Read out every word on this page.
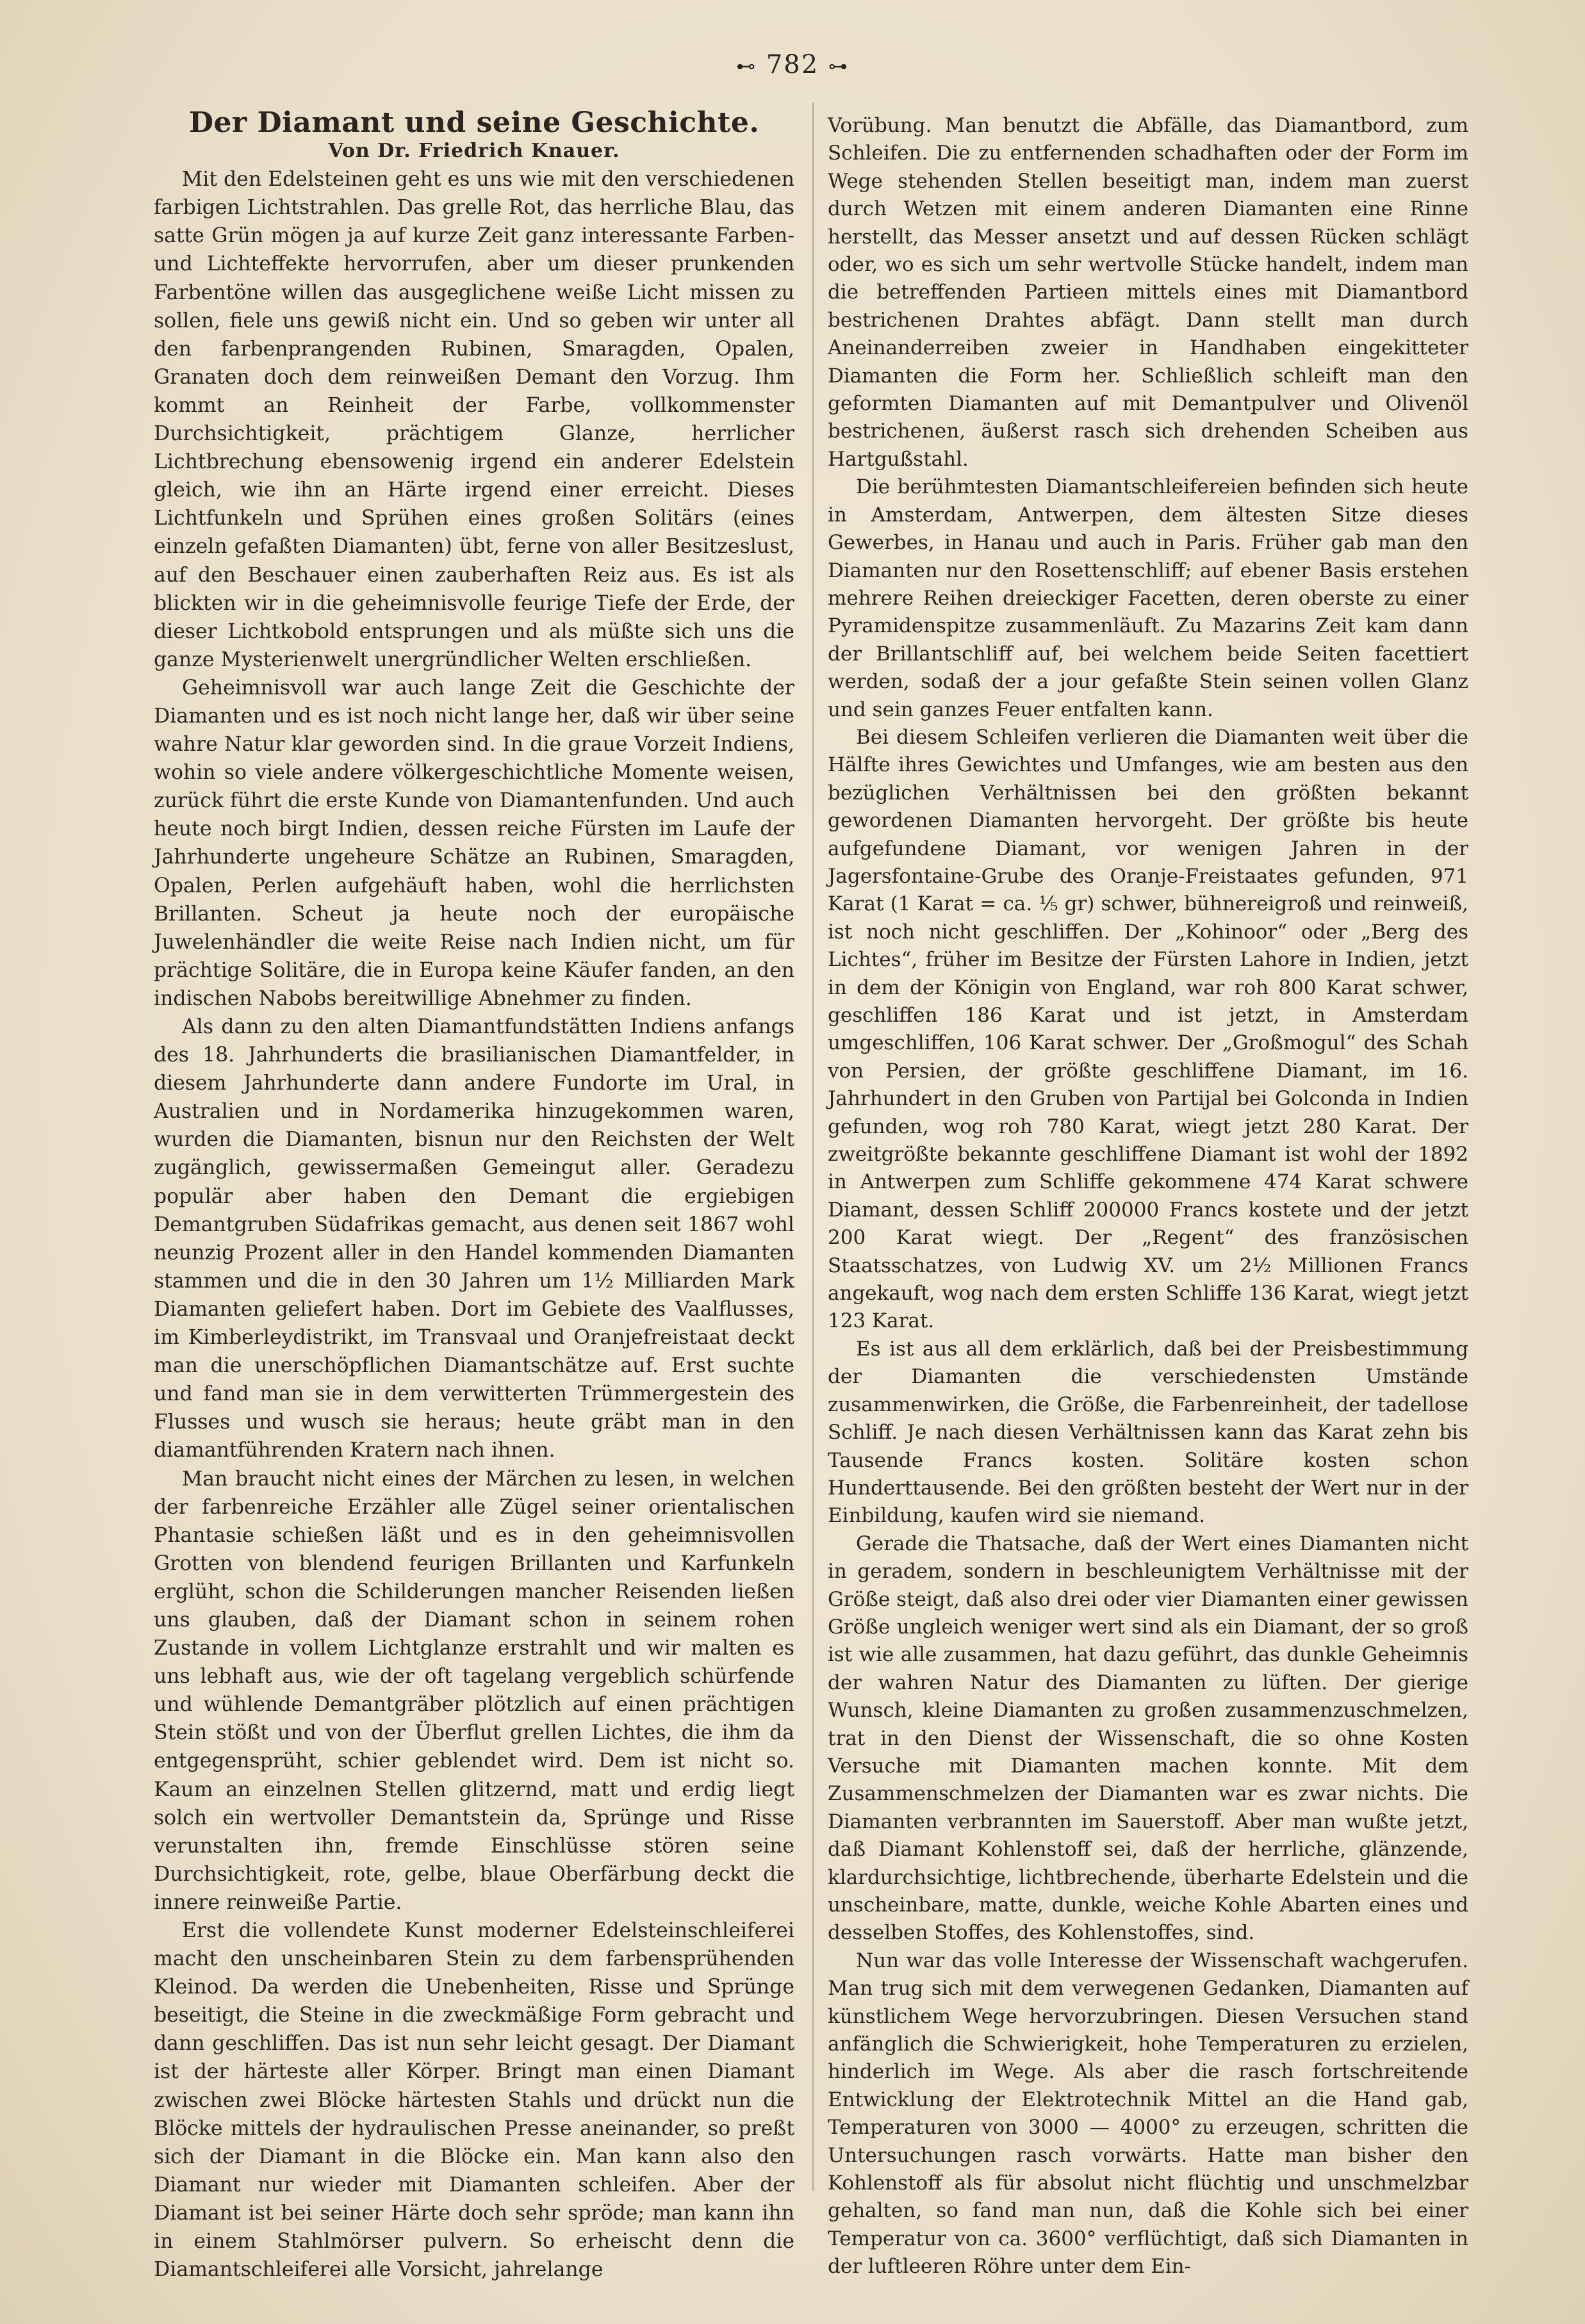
⊷ 782 ⊶

Der Diamant und seine Geschichte.

Von Dr. Friedrich Knauer.

Mit den Edelsteinen geht es uns wie mit den verschiedenen farbigen Lichtstrahlen. Das grelle Rot, das herrliche Blau, das satte Grün mögen ja auf kurze Zeit ganz interessante Farben- und Lichteffekte hervorrufen, aber um dieser prunkenden Farbentöne willen das ausgeglichene weiße Licht missen zu sollen, fiele uns gewiß nicht ein. Und so geben wir unter all den farbenprangenden Rubinen, Smaragden, Opalen, Granaten doch dem reinweißen Demant den Vorzug. Ihm kommt an Reinheit der Farbe, vollkommenster Durchsichtigkeit, prächtigem Glanze, herrlicher Lichtbrechung ebensowenig irgend ein anderer Edelstein gleich, wie ihn an Härte irgend einer erreicht. Dieses Lichtfunkeln und Sprühen eines großen Solitärs (eines einzeln gefaßten Diamanten) übt, ferne von aller Besitzeslust, auf den Beschauer einen zauberhaften Reiz aus. Es ist als blickten wir in die geheimnisvolle feurige Tiefe der Erde, der dieser Lichtkobold entsprungen und als müßte sich uns die ganze Mysterienwelt unergründlicher Welten erschließen.

Geheimnisvoll war auch lange Zeit die Geschichte der Diamanten und es ist noch nicht lange her, daß wir über seine wahre Natur klar geworden sind. In die graue Vorzeit Indiens, wohin so viele andere völkergeschichtliche Momente weisen, zurück führt die erste Kunde von Diamantenfunden. Und auch heute noch birgt Indien, dessen reiche Fürsten im Laufe der Jahrhunderte ungeheure Schätze an Rubinen, Smaragden, Opalen, Perlen aufgehäuft haben, wohl die herrlichsten Brillanten. Scheut ja heute noch der europäische Juwelenhändler die weite Reise nach Indien nicht, um für prächtige Solitäre, die in Europa keine Käufer fanden, an den indischen Nabobs bereitwillige Abnehmer zu finden.

Als dann zu den alten Diamantfundstätten Indiens anfangs des 18. Jahrhunderts die brasilianischen Diamantfelder, in diesem Jahrhunderte dann andere Fundorte im Ural, in Australien und in Nordamerika hinzugekommen waren, wurden die Diamanten, bisnun nur den Reichsten der Welt zugänglich, gewissermaßen Gemeingut aller. Geradezu populär aber haben den Demant die ergiebigen Demantgruben Südafrikas gemacht, aus denen seit 1867 wohl neunzig Prozent aller in den Handel kommenden Diamanten stammen und die in den 30 Jahren um 1½ Milliarden Mark Diamanten geliefert haben. Dort im Gebiete des Vaalflusses, im Kimberleydistrikt, im Transvaal und Oranjefreistaat deckt man die unerschöpflichen Diamantschätze auf. Erst suchte und fand man sie in dem verwitterten Trümmergestein des Flusses und wusch sie heraus; heute gräbt man in den diamantführenden Kratern nach ihnen.

Man braucht nicht eines der Märchen zu lesen, in welchen der farbenreiche Erzähler alle Zügel seiner orientalischen Phantasie schießen läßt und es in den geheimnisvollen Grotten von blendend feurigen Brillanten und Karfunkeln erglüht, schon die Schilderungen mancher Reisenden ließen uns glauben, daß der Diamant schon in seinem rohen Zustande in vollem Lichtglanze erstrahlt und wir malten es uns lebhaft aus, wie der oft tagelang vergeblich schürfende und wühlende Demantgräber plötzlich auf einen prächtigen Stein stößt und von der Überflut grellen Lichtes, die ihm da entgegensprüht, schier geblendet wird. Dem ist nicht so. Kaum an einzelnen Stellen glitzernd, matt und erdig liegt solch ein wertvoller Demantstein da, Sprünge und Risse verunstalten ihn, fremde Einschlüsse stören seine Durchsichtigkeit, rote, gelbe, blaue Oberfärbung deckt die innere reinweiße Partie.

Erst die vollendete Kunst moderner Edelsteinschleiferei macht den unscheinbaren Stein zu dem farbensprühenden Kleinod. Da werden die Unebenheiten, Risse und Sprünge beseitigt, die Steine in die zweckmäßige Form gebracht und dann geschliffen. Das ist nun sehr leicht gesagt. Der Diamant ist der härteste aller Körper. Bringt man einen Diamant zwischen zwei Blöcke härtesten Stahls und drückt nun die Blöcke mittels der hydraulischen Presse aneinander, so preßt sich der Diamant in die Blöcke ein. Man kann also den Diamant nur wieder mit Diamanten schleifen. Aber der Diamant ist bei seiner Härte doch sehr spröde; man kann ihn in einem Stahlmörser pulvern. So erheischt denn die Diamantschleiferei alle Vorsicht, jahrelange

Vorübung. Man benutzt die Abfälle, das Diamantbord, zum Schleifen. Die zu entfernenden schadhaften oder der Form im Wege stehenden Stellen beseitigt man, indem man zuerst durch Wetzen mit einem anderen Diamanten eine Rinne herstellt, das Messer ansetzt und auf dessen Rücken schlägt oder, wo es sich um sehr wertvolle Stücke handelt, indem man die betreffenden Partieen mittels eines mit Diamantbord bestrichenen Drahtes abfägt. Dann stellt man durch Aneinanderreiben zweier in Handhaben eingekitteter Diamanten die Form her. Schließlich schleift man den geformten Diamanten auf mit Demantpulver und Olivenöl bestrichenen, äußerst rasch sich drehenden Scheiben aus Hartgußstahl.

Die berühmtesten Diamantschleifereien befinden sich heute in Amsterdam, Antwerpen, dem ältesten Sitze dieses Gewerbes, in Hanau und auch in Paris. Früher gab man den Diamanten nur den Rosettenschliff; auf ebener Basis erstehen mehrere Reihen dreieckiger Facetten, deren oberste zu einer Pyramidenspitze zusammenläuft. Zu Mazarins Zeit kam dann der Brillantschliff auf, bei welchem beide Seiten facettiert werden, sodaß der a jour gefaßte Stein seinen vollen Glanz und sein ganzes Feuer entfalten kann.

Bei diesem Schleifen verlieren die Diamanten weit über die Hälfte ihres Gewichtes und Umfanges, wie am besten aus den bezüglichen Verhältnissen bei den größten bekannt gewordenen Diamanten hervorgeht. Der größte bis heute aufgefundene Diamant, vor wenigen Jahren in der Jagersfontaine-Grube des Oranje-Freistaates gefunden, 971 Karat (1 Karat = ca. ⅕ gr) schwer, bühnereigroß und reinweiß, ist noch nicht geschliffen. Der „Kohinoor“ oder „Berg des Lichtes“, früher im Besitze der Fürsten Lahore in Indien, jetzt in dem der Königin von England, war roh 800 Karat schwer, geschliffen 186 Karat und ist jetzt, in Amsterdam umgeschliffen, 106 Karat schwer. Der „Großmogul“ des Schah von Persien, der größte geschliffene Diamant, im 16. Jahrhundert in den Gruben von Partijal bei Golconda in Indien gefunden, wog roh 780 Karat, wiegt jetzt 280 Karat. Der zweitgrößte bekannte geschliffene Diamant ist wohl der 1892 in Antwerpen zum Schliffe gekommene 474 Karat schwere Diamant, dessen Schliff 200000 Francs kostete und der jetzt 200 Karat wiegt. Der „Regent“ des französischen Staatsschatzes, von Ludwig XV. um 2½ Millionen Francs angekauft, wog nach dem ersten Schliffe 136 Karat, wiegt jetzt 123 Karat.

Es ist aus all dem erklärlich, daß bei der Preisbestimmung der Diamanten die verschiedensten Umstände zusammenwirken, die Größe, die Farbenreinheit, der tadellose Schliff. Je nach diesen Verhältnissen kann das Karat zehn bis Tausende Francs kosten. Solitäre kosten schon Hunderttausende. Bei den größten besteht der Wert nur in der Einbildung, kaufen wird sie niemand.

Gerade die Thatsache, daß der Wert eines Diamanten nicht in geradem, sondern in beschleunigtem Verhältnisse mit der Größe steigt, daß also drei oder vier Diamanten einer gewissen Größe ungleich weniger wert sind als ein Diamant, der so groß ist wie alle zusammen, hat dazu geführt, das dunkle Geheimnis der wahren Natur des Diamanten zu lüften. Der gierige Wunsch, kleine Diamanten zu großen zusammenzuschmelzen, trat in den Dienst der Wissenschaft, die so ohne Kosten Versuche mit Diamanten machen konnte. Mit dem Zusammenschmelzen der Diamanten war es zwar nichts. Die Diamanten verbrannten im Sauerstoff. Aber man wußte jetzt, daß Diamant Kohlenstoff sei, daß der herrliche, glänzende, klardurchsichtige, lichtbrechende, überharte Edelstein und die unscheinbare, matte, dunkle, weiche Kohle Abarten eines und desselben Stoffes, des Kohlenstoffes, sind.

Nun war das volle Interesse der Wissenschaft wachgerufen. Man trug sich mit dem verwegenen Gedanken, Diamanten auf künstlichem Wege hervorzubringen. Diesen Versuchen stand anfänglich die Schwierigkeit, hohe Temperaturen zu erzielen, hinderlich im Wege. Als aber die rasch fortschreitende Entwicklung der Elektrotechnik Mittel an die Hand gab, Temperaturen von 3000 — 4000° zu erzeugen, schritten die Untersuchungen rasch vorwärts. Hatte man bisher den Kohlenstoff als für absolut nicht flüchtig und unschmelzbar gehalten, so fand man nun, daß die Kohle sich bei einer Temperatur von ca. 3600° verflüchtigt, daß sich Diamanten in der luftleeren Röhre unter dem Ein-
